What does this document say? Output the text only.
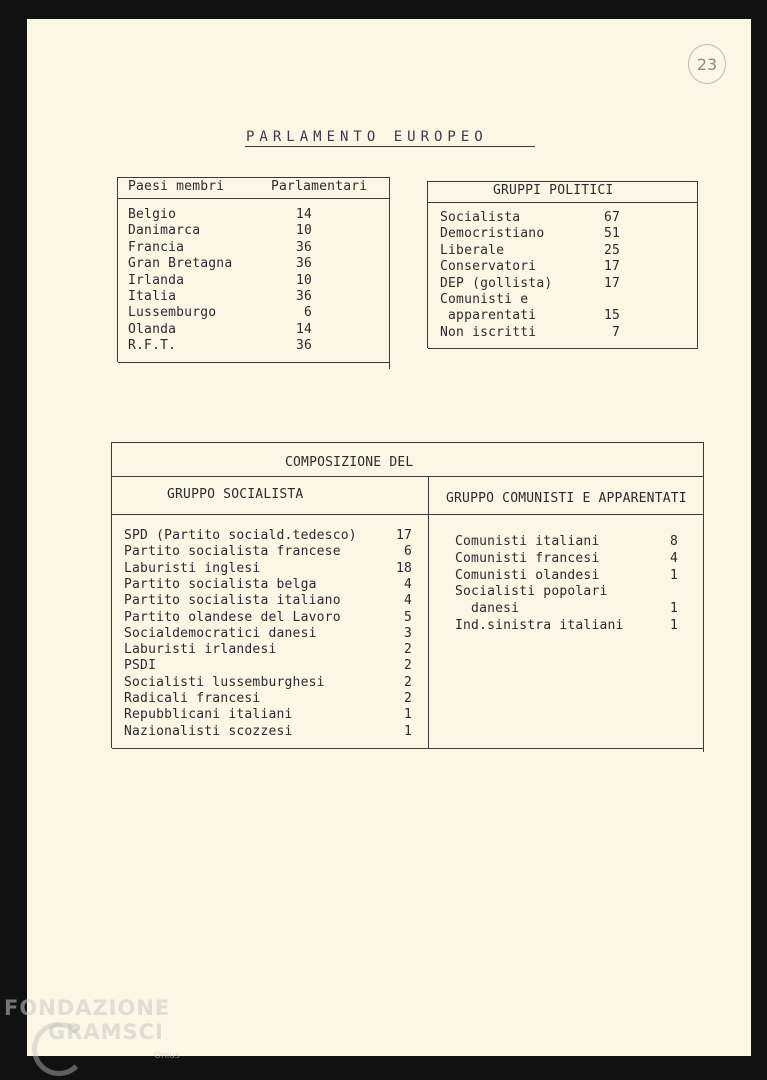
23
PARLAMENTO EUROPEO
Paesi membri	Parlamentari
Belgio	14
Danimarca	10
Francia	36
Gran Bretagna	36
Irlanda	10
Italia	36
Lussemburgo	6
Olanda	14
R.F.T.	36
GRUPPI POLITICI
Socialista	67
Democristiano	51
Liberale	25
Conservatori	17
DEP (gollista)	17
Comunisti e
apparentati	15
Non iscritti	7
COMPOSIZIONE DEL
GRUPPO SOCIALISTA	GRUPPO COMUNISTI E APPARENTATI
SPD (Partito sociald.tedesco)	17
Partito socialista francese	6
Laburisti inglesi	18
Partito socialista belga	4
Partito socialista italiano	4
Partito olandese del Lavoro	5
Socialdemocratici danesi	3
Laburisti irlandesi	2
PSDI	2
Socialisti lussemburghesi	2
Radicali francesi	2
Repubblicani italiani	1
Nazionalisti scozzesi	1
Comunisti italiani	8
Comunisti francesi	4
Comunisti olandesi	1
Socialisti popolari
danesi	1
Ind.sinistra italiani	1
FONDAZIONE
GRAMSCI
Onlus
